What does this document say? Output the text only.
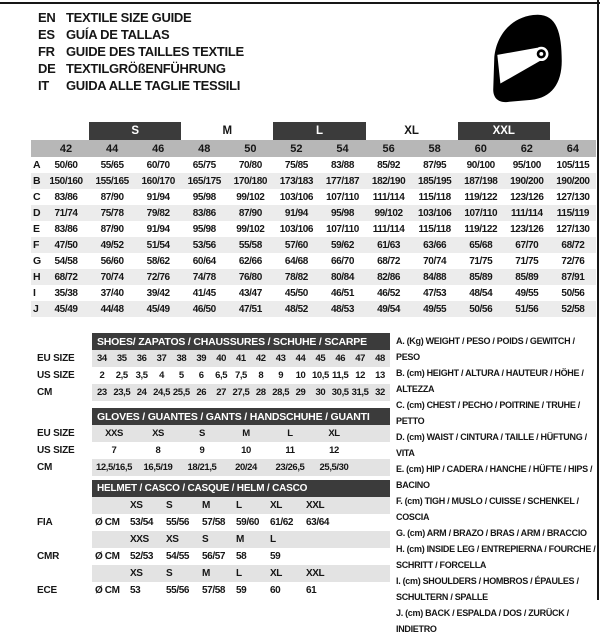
EN TEXTILE SIZE GUIDE
ES GUÍA DE TALLAS
FR GUIDE DES TAILLES TEXTILE
DE TEXTILGRÖßENFÜHRUNG
IT	GUIDA ALLE TAGLIE TESSILI
		S		M		L		XL		XXL		
	42	44	46	48	50	52	54	56	58	60	62	64
A	50/60	55/65	60/70	65/75	70/80	75/85	83/88	85/92	87/95	90/100	95/100	105/115
B	150/160	155/165	160/170	165/175	170/180	173/183	177/187	182/190	185/195	187/198	190/200	190/200
C	83/86	87/90	91/94	95/98	99/102	103/106	107/110	111/114	115/118	119/122	123/126	127/130
D	71/74	75/78	79/82	83/86	87/90	91/94	95/98	99/102	103/106	107/110	111/114	115/119
E	83/86	87/90	91/94	95/98	99/102	103/106	107/110	111/114	115/118	119/122	123/126	127/130
F	47/50	49/52	51/54	53/56	55/58	57/60	59/62	61/63	63/66	65/68	67/70	68/72
G	54/58	56/60	58/62	60/64	62/66	64/68	66/70	68/72	70/74	71/75	71/75	72/76
H	68/72	70/74	72/76	74/78	76/80	78/82	80/84	82/86	84/88	85/89	85/89	87/91
I	35/38	37/40	39/42	41/45	43/47	45/50	46/51	46/52	47/53	48/54	49/55	50/56
J	45/49	44/48	45/49	46/50	47/51	48/52	48/53	49/54	49/55	50/56	51/56	52/58
	SHOES/ ZAPATOS / CHAUSSURES / SCHUHE / SCARPE														
EU SIZE	34	35	36	37	38	39	40	41	42	43	44	45	46	47	48
US SIZE	2	2,5	3,5	4	5	6	6,5	7,5	8	9	10	10,5	11,5	12	13
CM	23	23,5	24	24,5	25,5	26	27	27,5	28	28,5	29	30	30,5	31,5	32
	GLOVES / GUANTES / GANTS / HANDSCHUHE / GUANTI						
EU SIZE	XXS	XS	S	M	L	XL	
US SIZE	7	8	9	10	11	12	
CM	12,5/16,5	16,5/19	18/21,5	20/24	23/26,5	25,5/30	
	HELMET / CASCO / CASQUE / HELM / CASCO						
		XS	S	M	L	XL	XXL
FIA	Ø CM	53/54	55/56	57/58	59/60	61/62	63/64
		XXS	XS	S	M	L	
CMR	Ø CM	52/53	54/55	56/57	58	59	
		XS	S	M	L	XL	XXL
ECE	Ø CM	53	55/56	57/58	59	60	61

A. (Kg) WEIGHT / PESO / POIDS / GEWITCH / PESO

B. (cm) HEIGHT / ALTURA / HAUTEUR / HÖHE / ALTEZZA

C. (cm) CHEST / PECHO / POITRINE / TRUHE / PETTO

D. (cm) WAIST / CINTURA / TAILLE / HÜFTUNG / VITA

E. (cm) HIP / CADERA / HANCHE / HÜFTE / HIPS / BACINO

F. (cm) TIGH / MUSLO / CUISSE / SCHENKEL / COSCIA

G. (cm) ARM / BRAZO / BRAS / ARM / BRACCIO

H. (cm) INSIDE LEG / ENTREPIERNA / FOURCHE / SCHRITT / FORCELLA

I. (cm) SHOULDERS / HOMBROS / ÉPAULES / SCHULTERN / SPALLE

J. (cm) BACK / ESPALDA / DOS / ZURÜCK / INDIETRO
